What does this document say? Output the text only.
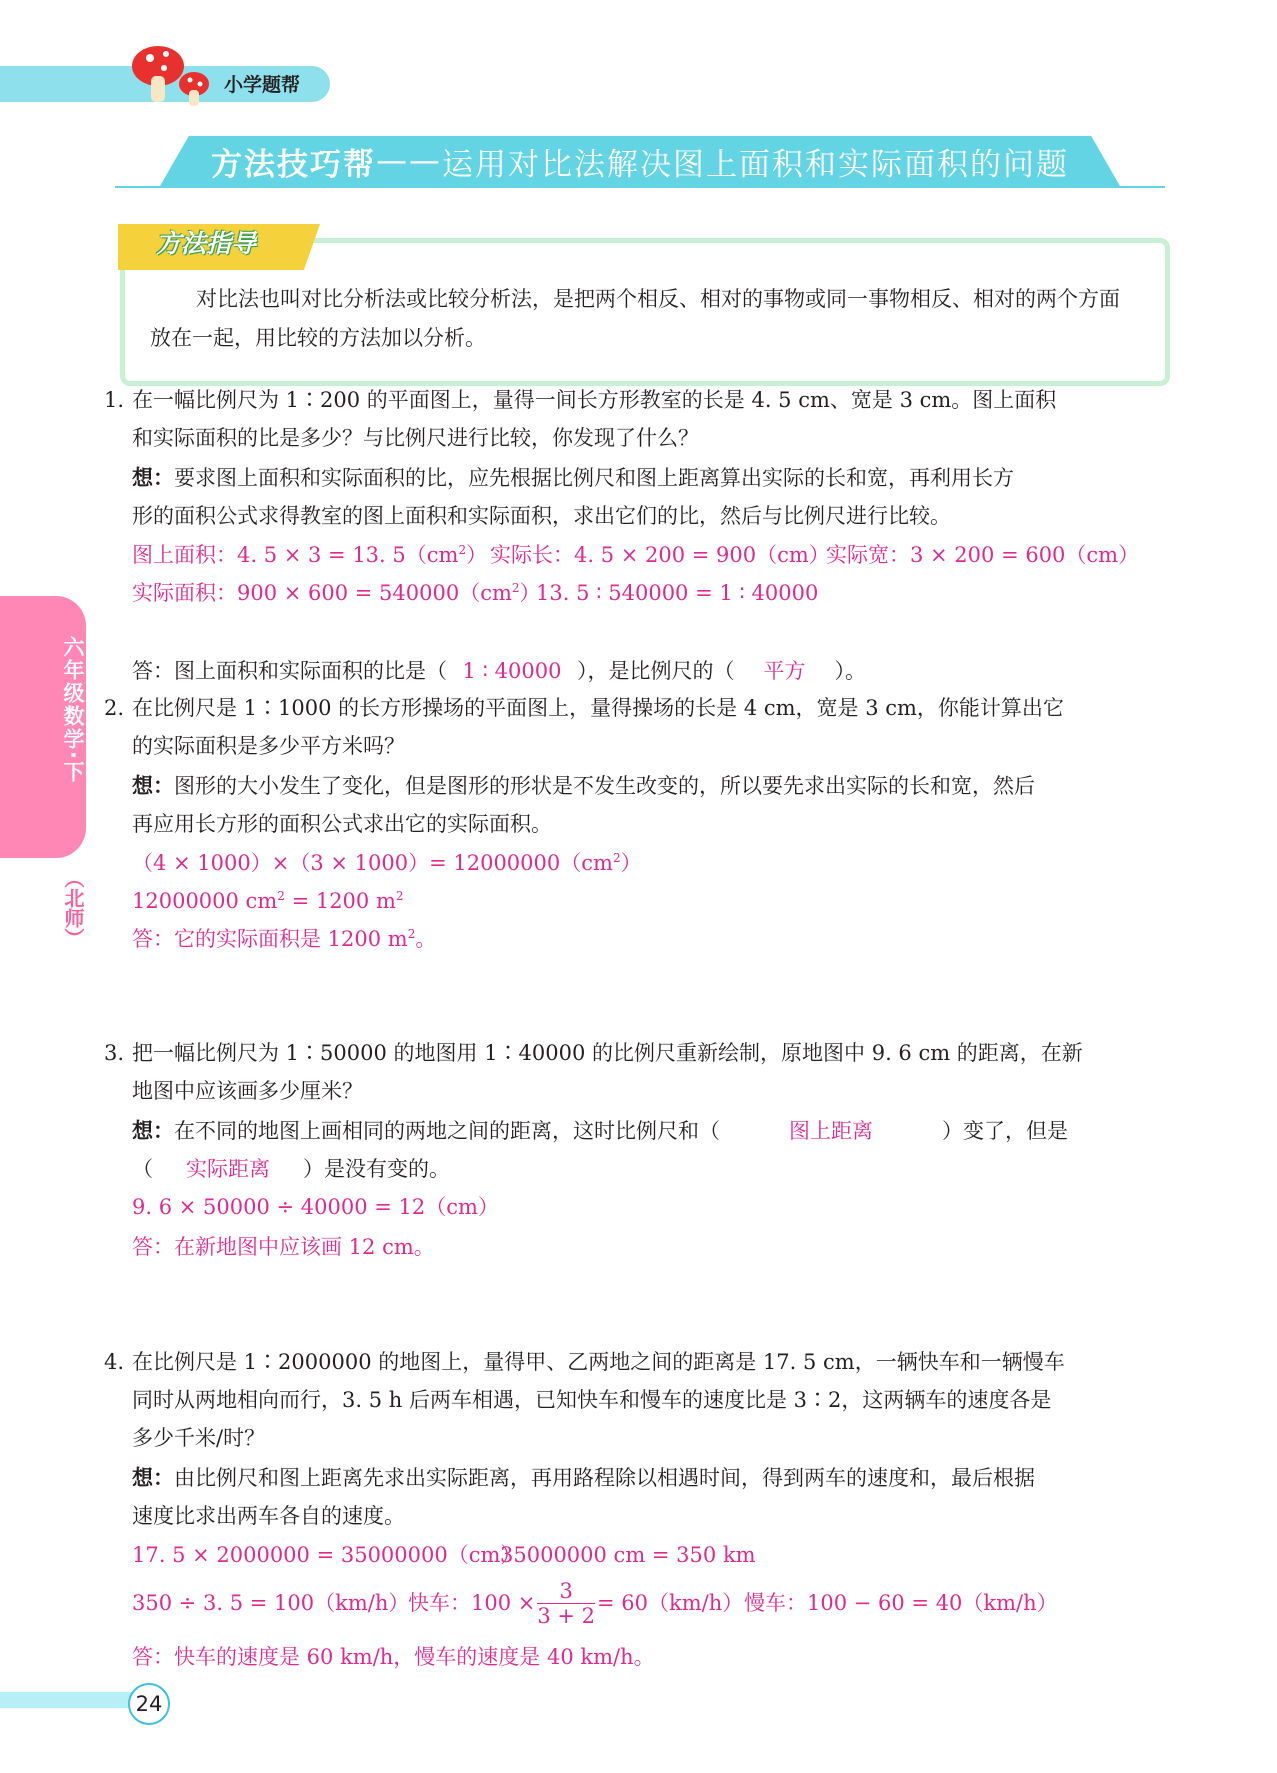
小学题帮
方法技巧帮 —— 运用对比法解决图上面积和实际面积的问题
方法指导
对比法也叫对比分析法或比较分析法，是把两个相反、相对的事物或同一事物相反、相对的两个方面放在一起，用比较的方法加以分析。
六年级数学·下
（北师）
1. 在一幅比例尺为 1∶200 的平面图上，量得一间长方形教室的长是 4. 5 cm、宽是 3 cm。图上面积
和实际面积的比是多少？与比例尺进行比较，你发现了什么？
想：要求图上面积和实际面积的比，应先根据比例尺和图上距离算出实际的长和宽，再利用长方
形的面积公式求得教室的图上面积和实际面积，求出它们的比，然后与比例尺进行比较。
图上面积：4. 5 × 3 = 13. $5(cm^2)$ 实际长：4. 5 × 200 = 900（cm）
实际宽：3 × 200 = 600（cm）
实际面积：$900 \times 600 = 540000(cm^2)$
13. 5 ∶ 540000 = 1 ∶ 40000
答：图上面积和实际面积的比是（ 1 ∶ 40000 ），是比例尺的（ 平方 ）。
2. 在比例尺是 1∶1000 的长方形操场的平面图上，量得操场的长是 4 cm，宽是 3 cm，你能计算出它
的实际面积是多少平方米吗？
想：图形的大小发生了变化，但是图形的形状是不发生改变的，所以要先求出实际的长和宽，然后
再应用长方形的面积公式求出它的实际面积。
$(4 \times 1000)\times(3 \times 1000)= 12000000(cm^2)$
12000000 $cm^2 = 1200$ $m^2$
答：它的实际面积是 1200 $m^2$。
3. 把一幅比例尺为 1∶50000 的地图用 1∶40000 的比例尺重新绘制，原地图中 9. 6 cm 的距离，在新
地图中应该画多少厘米？
想：在不同的地图上画相同的两地之间的距离，这时比例尺和（	图上距离	）变了，但是
（ 实际距离 ）是没有变的。
9. 6 × 50000 ÷ 40000 = 12（cm）
答：在新地图中应该画 12 cm。
4. 在比例尺是 1∶2000000 的地图上，量得甲、乙两地之间的距离是 17. 5 cm，一辆快车和一辆慢车
同时从两地相向而行，3. 5 h 后两车相遇，已知快车和慢车的速度比是 3∶2，这两辆车的速度各是
多少千米/时？
想：由比例尺和图上距离先求出实际距离，再用路程除以相遇时间，得到两车的速度和，最后根据
速度比求出两车各自的速度。
17. 5 × 2000000 = 35000000（cm）
35000000 cm = 350 km
350 ÷ 3. 5 = 100（km/h）
快车：$100 \times \frac{3}{3 + 2} = 60(km/h)$ 慢车：100 − 60 = 40（km/h）
答：快车的速度是 60 km/h，慢车的速度是 40 km/h。
24
